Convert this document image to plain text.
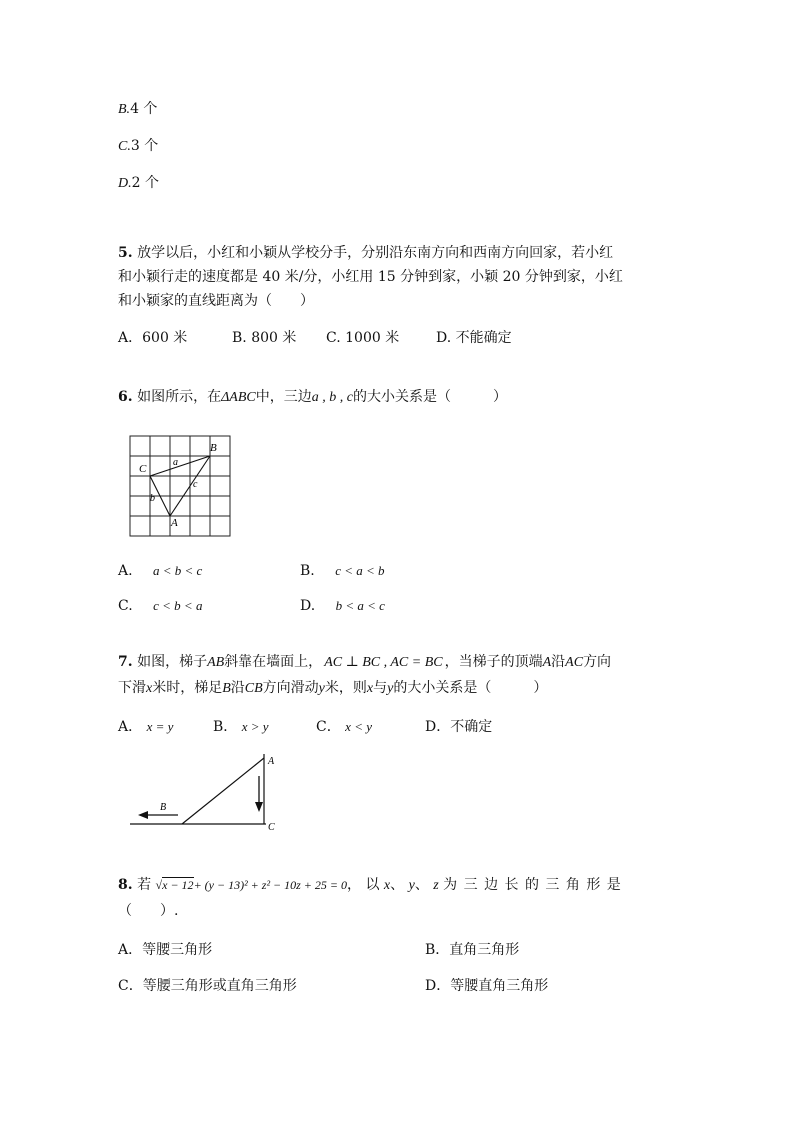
B.4 个
C.3 个
D.2 个
5. 放学以后，小红和小颖从学校分手，分别沿东南方向和西南方向回家，若小红
和小颖行走的速度都是 40 米/分，小红用 15 分钟到家，小颖 20 分钟到家，小红
和小颖家的直线距离为（　　）
A．600 米	B. 800 米 C. 1000 米	D. 不能确定
6. 如图所示，在ΔABC中，三边a , b , c的大小关系是（　　　）
B
C
A
a
b
c
A. a < b < c	B. c < a < b
C. c < b < a	D. b < a < c
7. 如图，梯子AB斜靠在墙面上， AC ⊥ BC , AC = BC ，当梯子的顶端A沿AC方向
下滑x米时，梯足B沿CB方向滑动y米，则x与y的大小关系是（　　　）
A． x = y	B． x > y	C． x < y	D．不确定
A
B
C
8. 若 √x − 12+ (y − 13)² + z² − 10z + 25 = 0， 以 x、 y、 z 为 三 边 长 的 三 角 形 是
（　　）.
A．等腰三角形	B．直角三角形
C．等腰三角形或直角三角形	D．等腰直角三角形
